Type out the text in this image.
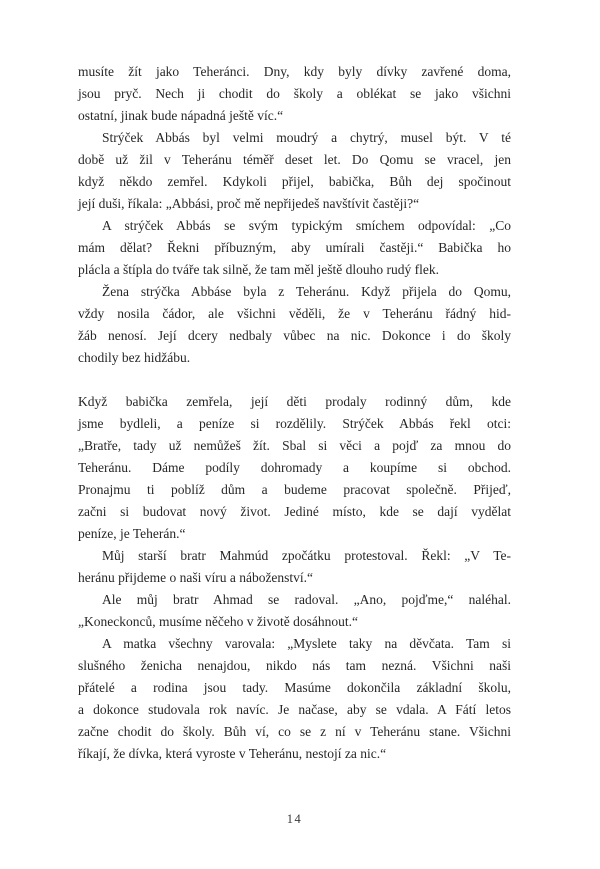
musíte žít jako Teheránci. Dny, kdy byly dívky zavřené doma,
jsou pryč. Nech ji chodit do školy a oblékat se jako všichni
ostatní, jinak bude nápadná ještě víc.“
Strýček Abbás byl velmi moudrý a chytrý, musel být. V té
době už žil v Teheránu téměř deset let. Do Qomu se vracel, jen
když někdo zemřel. Kdykoli přijel, babička, Bůh dej spočinout
její duši, říkala: „Abbási, proč mě nepřijedeš navštívit častěji?“
A strýček Abbás se svým typickým smíchem odpovídal: „Co
mám dělat? Řekni příbuzným, aby umírali častěji.“ Babička ho
plácla a štípla do tváře tak silně, že tam měl ještě dlouho rudý flek.
Žena strýčka Abbáse byla z Teheránu. Když přijela do Qomu,
vždy nosila čádor, ale všichni věděli, že v Teheránu řádný hid-
žáb nenosí. Její dcery nedbaly vůbec na nic. Dokonce i do školy
chodily bez hidžábu.
Když babička zemřela, její děti prodaly rodinný dům, kde
jsme bydleli, a peníze si rozdělily. Strýček Abbás řekl otci:
„Bratře, tady už nemůžeš žít. Sbal si věci a pojď za mnou do
Teheránu. Dáme podíly dohromady a koupíme si obchod.
Pronajmu ti poblíž dům a budeme pracovat společně. Přijeď,
začni si budovat nový život. Jediné místo, kde se dají vydělat
peníze, je Teherán.“
Můj starší bratr Mahmúd zpočátku protestoval. Řekl: „V Te-
heránu přijdeme o naši víru a náboženství.“
Ale můj bratr Ahmad se radoval. „Ano, pojďme,“ naléhal.
„Koneckonců, musíme něčeho v životě dosáhnout.“
A matka všechny varovala: „Myslete taky na děvčata. Tam si
slušného ženicha nenajdou, nikdo nás tam nezná. Všichni naši
přátelé a rodina jsou tady. Masúme dokončila základní školu,
a dokonce studovala rok navíc. Je načase, aby se vdala. A Fátí letos
začne chodit do školy. Bůh ví, co se z ní v Teheránu stane. Všichni
říkají, že dívka, která vyroste v Teheránu, nestojí za nic.“
14
